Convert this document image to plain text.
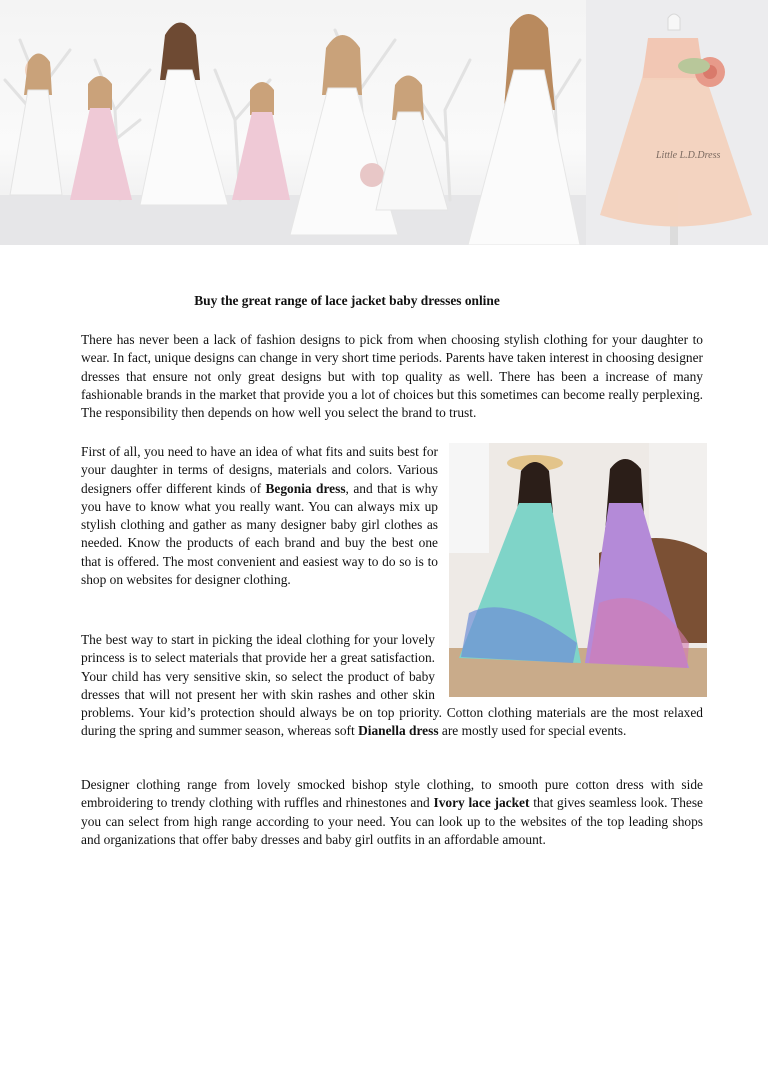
Little L.D.Dress
Buy the great range of lace jacket baby dresses online

There has never been a lack of fashion designs to pick from when choosing stylish clothing for your daughter to wear. In fact, unique designs can change in very short time periods. Parents have taken interest in choosing designer dresses that ensure not only great designs but with top quality as well. There has been a increase of many fashionable brands in the market that provide you a lot of choices but this sometimes can become really perplexing. The responsibility then depends on how well you select the brand to trust.

First of all, you need to have an idea of what fits and suits best for your daughter in terms of designs, materials and colors. Various designers offer different kinds of Begonia dress, and that is why you have to know what you really want. You can always mix up stylish clothing and gather as many designer baby girl clothes as needed. Know the products of each brand and buy the best one that is offered. The most convenient and easiest way to do so is to shop on websites for designer clothing.

The best way to start in picking the ideal clothing for your lovely princess is to select materials that provide her a great satisfaction. Your child has very sensitive skin, so select the product of baby dresses that will not present her with skin rashes and other skin problems. Your kid’s protection should always be on top priority. Cotton clothing materials are the most relaxed during the spring and summer season, whereas soft Dianella dress are mostly used for special events.

Designer clothing range from lovely smocked bishop style clothing, to smooth pure cotton dress with side embroidering to trendy clothing with ruffles and rhinestones and Ivory lace jacket that gives seamless look. These you can select from high range according to your need. You can look up to the websites of the top leading shops and organizations that offer baby dresses and baby girl outfits in an affordable amount.
